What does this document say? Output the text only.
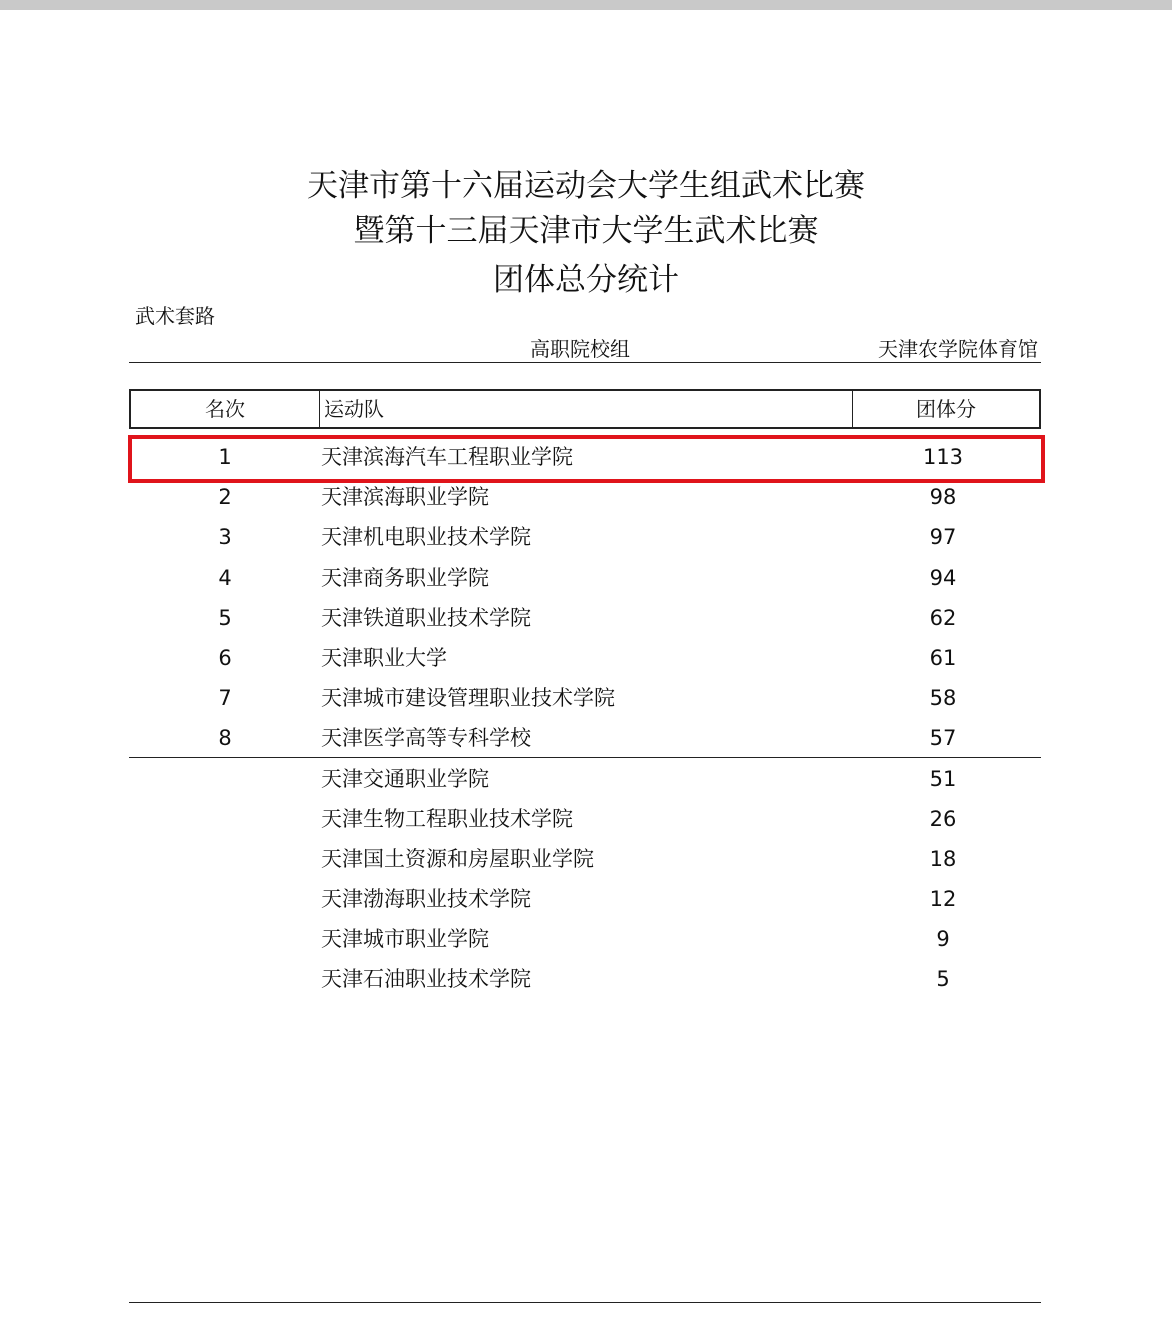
天津市第十六届运动会大学生组武术比赛
暨第十三届天津市大学生武术比赛
团体总分统计
武术套路
高职院校组	天津农学院体育馆
名次	运动队	团体分
1	天津滨海汽车工程职业学院	113
2	天津滨海职业学院	98
3	天津机电职业技术学院	97
4	天津商务职业学院	94
5	天津铁道职业技术学院	62
6	天津职业大学	61
7	天津城市建设管理职业技术学院	58
8	天津医学高等专科学校	57
天津交通职业学院	51
天津生物工程职业技术学院	26
天津国土资源和房屋职业学院	18
天津渤海职业技术学院	12
天津城市职业学院	9
天津石油职业技术学院	5
